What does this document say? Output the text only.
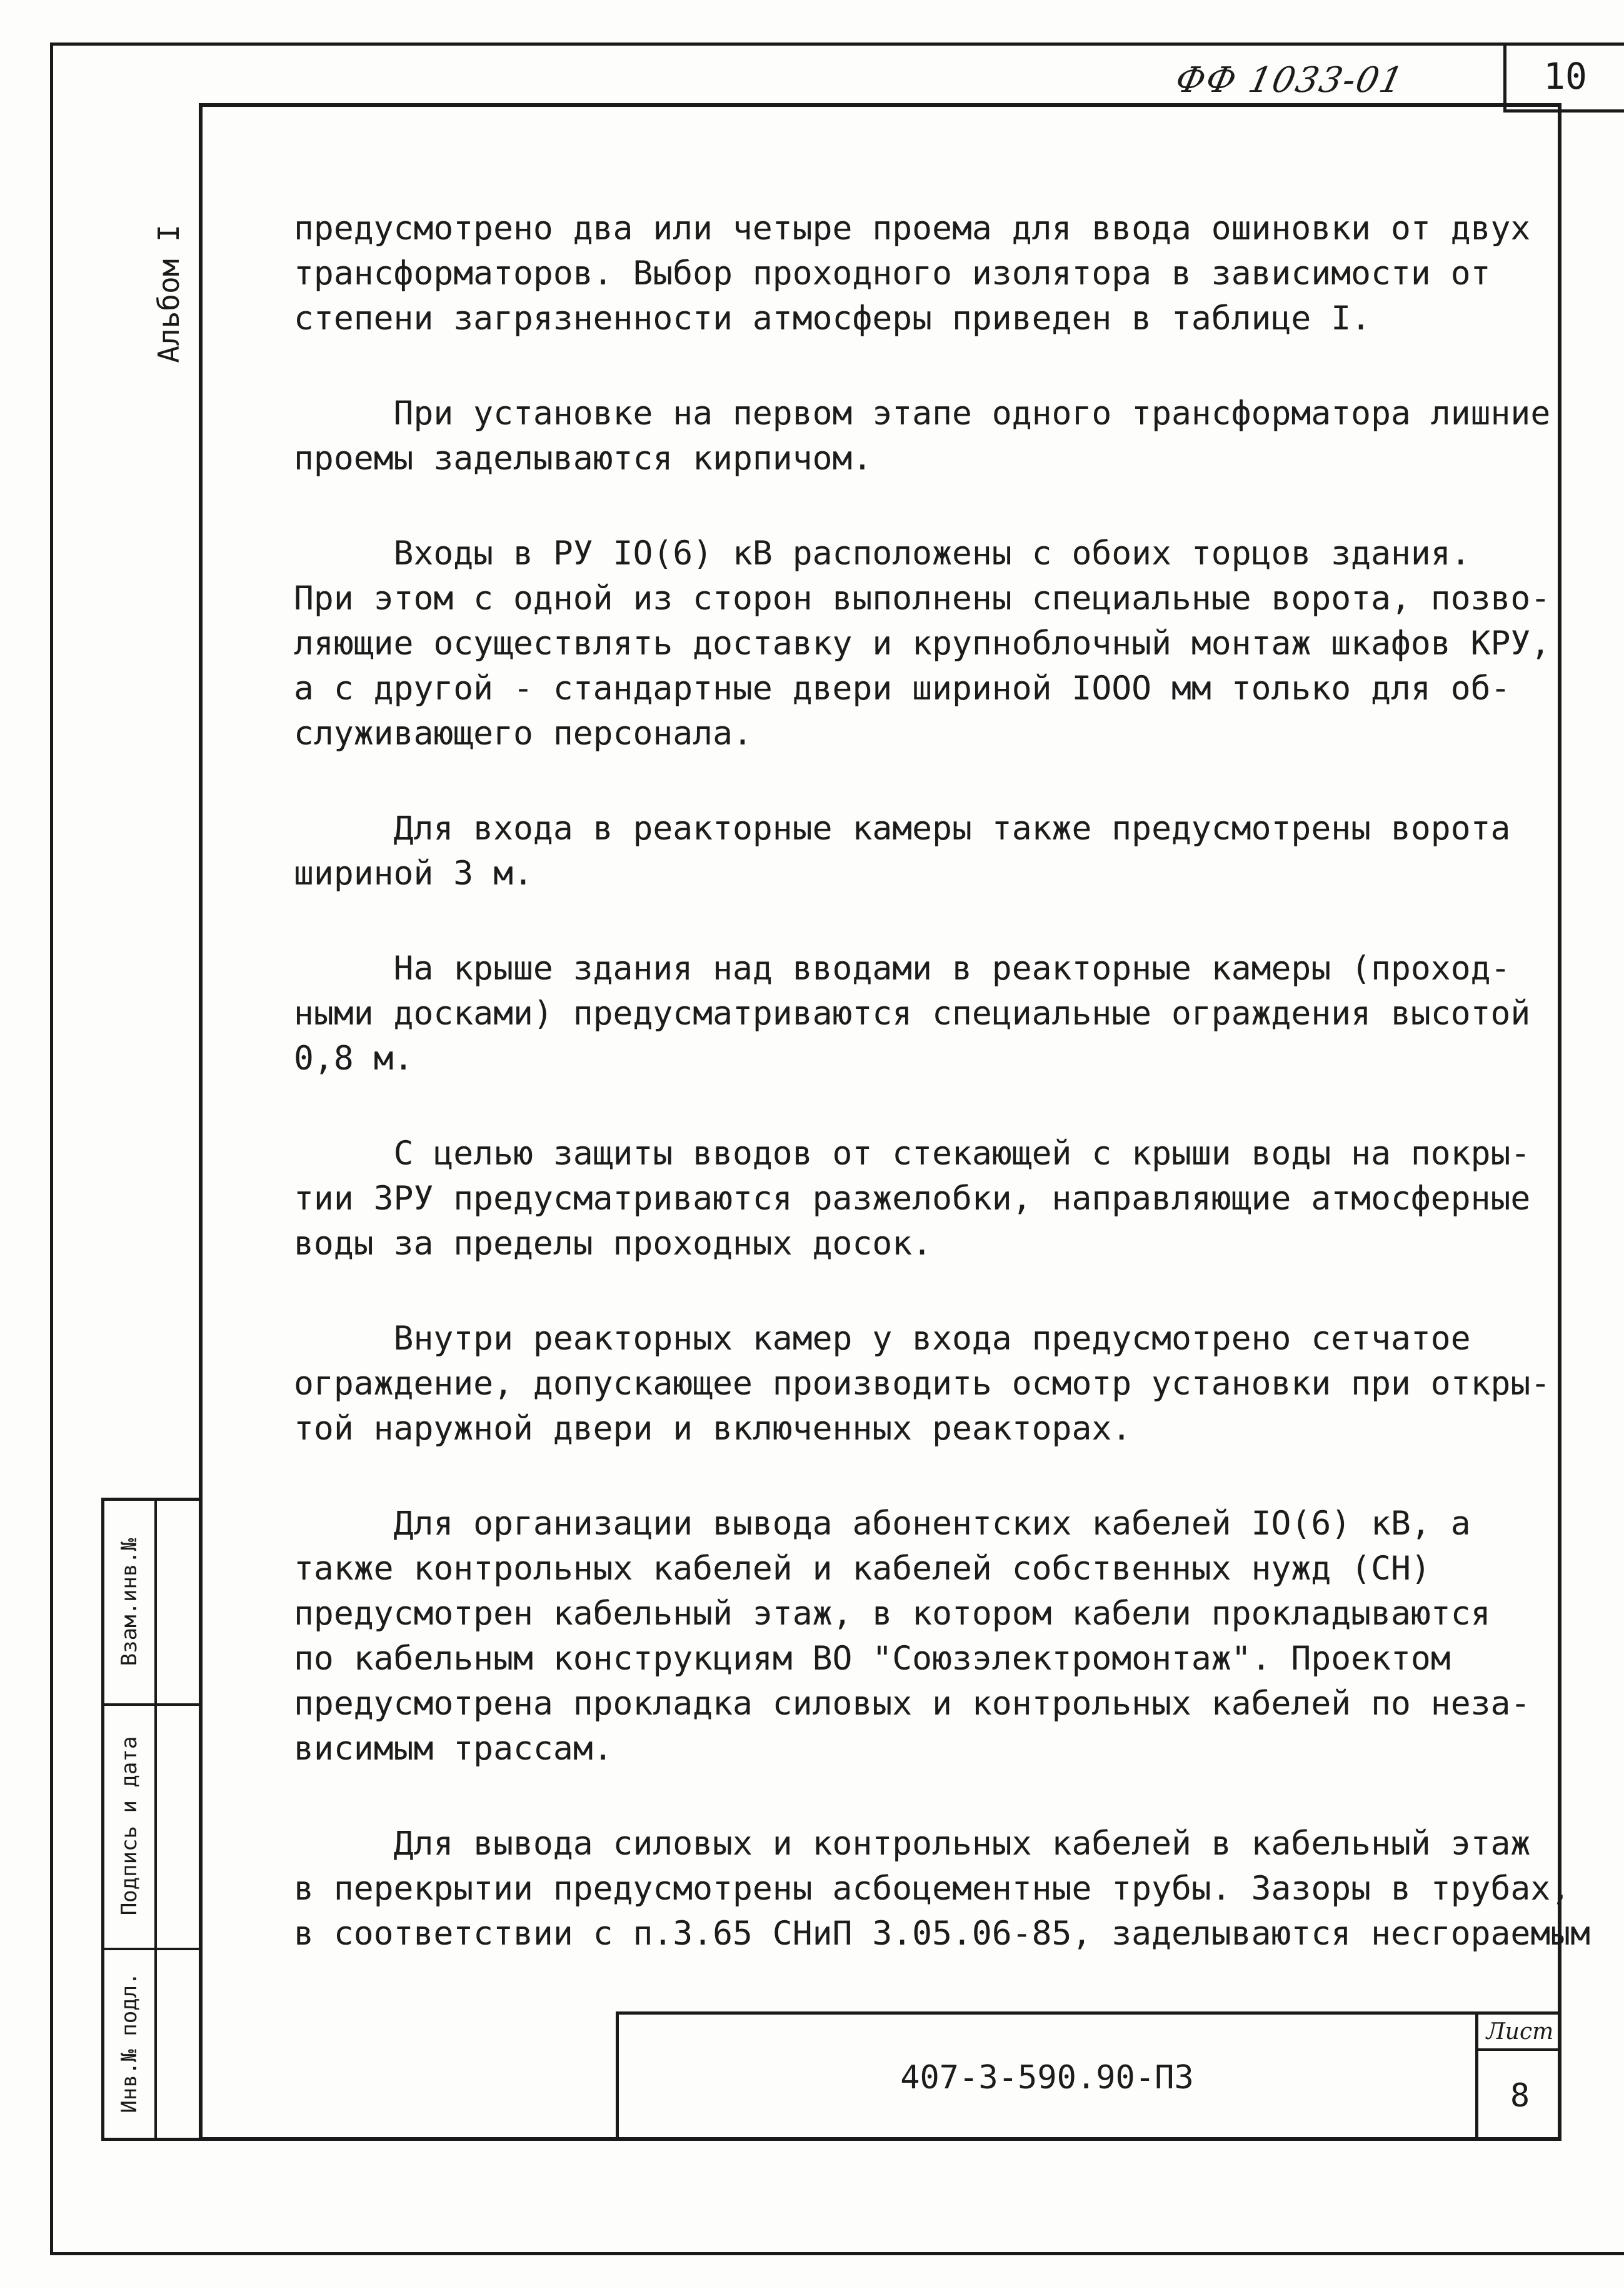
ФФ 1033-01	10
Альбом I
Взам.инв.№
Подпись и дата
Инв.№ подл.
предусмотрено два или четыре проема для ввода ошиновки от двух
трансформаторов. Выбор проходного изолятора в зависимости от
степени загрязненности атмосферы приведен в таблице I.
При установке на первом этапе одного трансформатора лишние
проемы заделываются кирпичом.
Входы в РУ IO(6) кВ расположены с обоих торцов здания.
При этом с одной из сторон выполнены специальные ворота, позво-
ляющие осуществлять доставку и крупноблочный монтаж шкафов КРУ,
а с другой - стандартные двери шириной IOOO мм только для об-
служивающего персонала.
Для входа в реакторные камеры также предусмотрены ворота
шириной 3 м.
На крыше здания над вводами в реакторные камеры (проход-
ными досками) предусматриваются специальные ограждения высотой
0,8 м.
С целью защиты вводов от стекающей с крыши воды на покры-
тии ЗРУ предусматриваются разжелобки, направляющие атмосферные
воды за пределы проходных досок.
Внутри реакторных камер у входа предусмотрено сетчатое
ограждение, допускающее производить осмотр установки при откры-
той наружной двери и включенных реакторах.
Для организации вывода абонентских кабелей IO(6) кВ, а
также контрольных кабелей и кабелей собственных нужд (СН)
предусмотрен кабельный этаж, в котором кабели прокладываются
по кабельным конструкциям ВО "Союзэлектромонтаж". Проектом
предусмотрена прокладка силовых и контрольных кабелей по неза-
висимым трассам.
Для вывода силовых и контрольных кабелей в кабельный этаж
в перекрытии предусмотрены асбоцементные трубы. Зазоры в трубах,
в соответствии с п.3.65 СНиП 3.05.06-85, заделываются несгораемым
407-3-590.90-ПЗ
Лист
8
